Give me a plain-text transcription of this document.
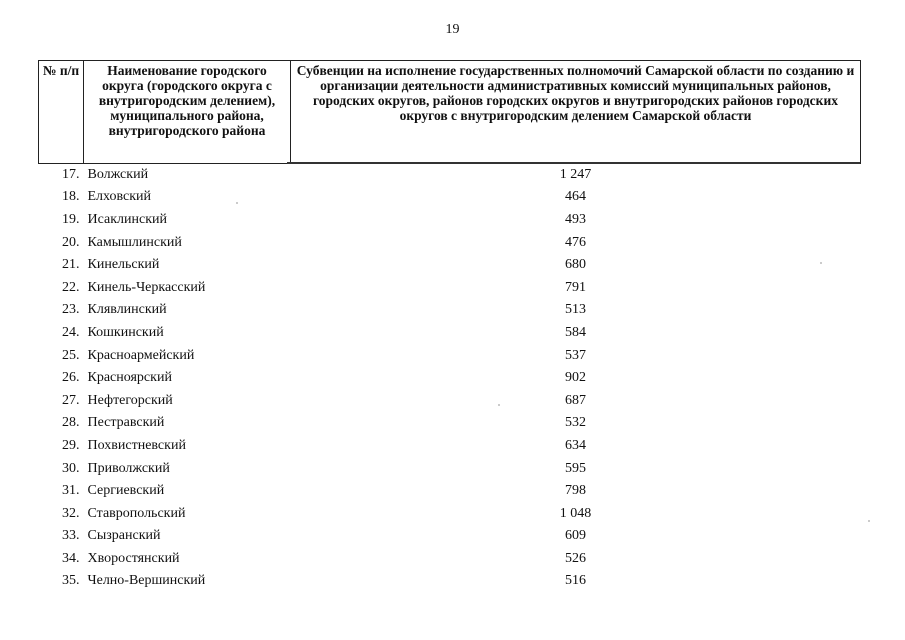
19
№ п/п	Наименование городского округа (городского округа с внутригородским делением), муниципального района, внутригородского района	Субвенции на исполнение государственных полномочий Самарской области по созданию и организации деятельности административных комиссий муниципальных районов, городских округов, районов городских округов и внутригородских районов городских округов с внутригородским делением Самарской области
17.	Волжский	1 247
18.	Елховский	464
19.	Исаклинский	493
20.	Камышлинский	476
21.	Кинельский	680
22.	Кинель-Черкасский	791
23.	Клявлинский	513
24.	Кошкинский	584
25.	Красноармейский	537
26.	Красноярский	902
27.	Нефтегорский	687
28.	Пестравский	532
29.	Похвистневский	634
30.	Приволжский	595
31.	Сергиевский	798
32.	Ставропольский	1 048
33.	Сызранский	609
34.	Хворостянский	526
35.	Челно-Вершинский	516
